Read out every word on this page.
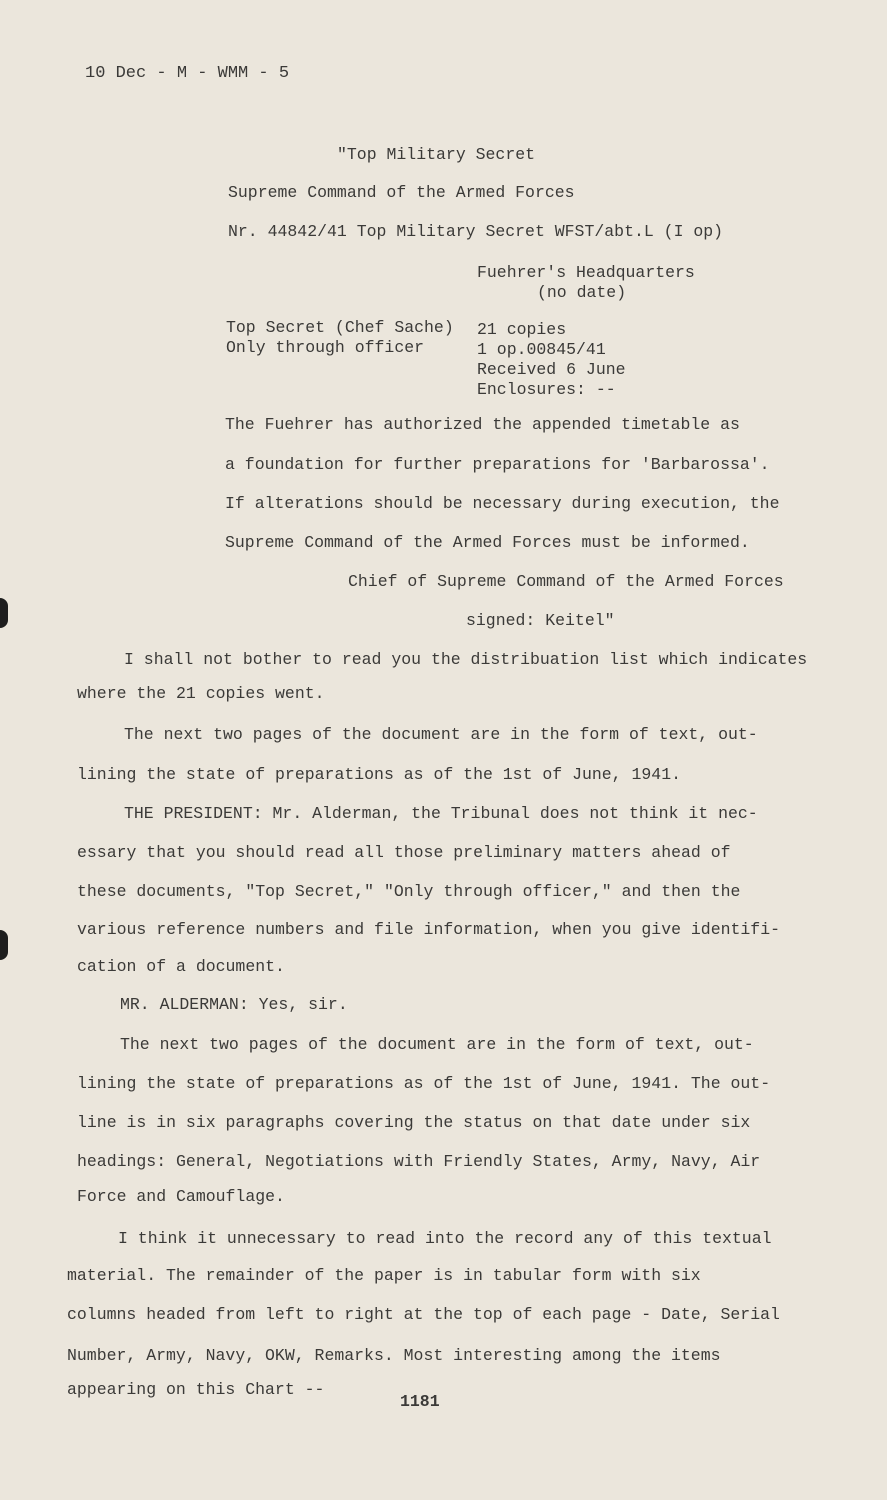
10 Dec - M - WMM - 5
"Top Military Secret
Supreme Command of the Armed Forces
Nr. 44842/41 Top Military Secret WFST/abt.L (I op)
Fuehrer's Headquarters
(no date)
Top Secret (Chef Sache)
Only through officer
21 copies
1 op.00845/41
Received 6 June
Enclosures: --
The Fuehrer has authorized the appended timetable as
a foundation for further preparations for 'Barbarossa'.
If alterations should be necessary during execution, the
Supreme Command of the Armed Forces must be informed.
Chief of Supreme Command of the Armed Forces
signed: Keitel"
I shall not bother to read you the distribuation list which indicates
where the 21 copies went.
The next two pages of the document are in the form of text, out-
lining the state of preparations as of the 1st of June, 1941.
THE PRESIDENT: Mr. Alderman, the Tribunal does not think it nec-
essary that you should read all those preliminary matters ahead of
these documents, "Top Secret," "Only through officer," and then the
various reference numbers and file information, when you give identifi-
cation of a document.
MR. ALDERMAN: Yes, sir.
The next two pages of the document are in the form of text, out-
lining the state of preparations as of the 1st of June, 1941. The out-
line is in six paragraphs covering the status on that date under six
headings: General, Negotiations with Friendly States, Army, Navy, Air
Force and Camouflage.
I think it unnecessary to read into the record any of this textual
material. The remainder of the paper is in tabular form with six
columns headed from left to right at the top of each page - Date, Serial
Number, Army, Navy, OKW, Remarks. Most interesting among the items
appearing on this Chart --
1181
